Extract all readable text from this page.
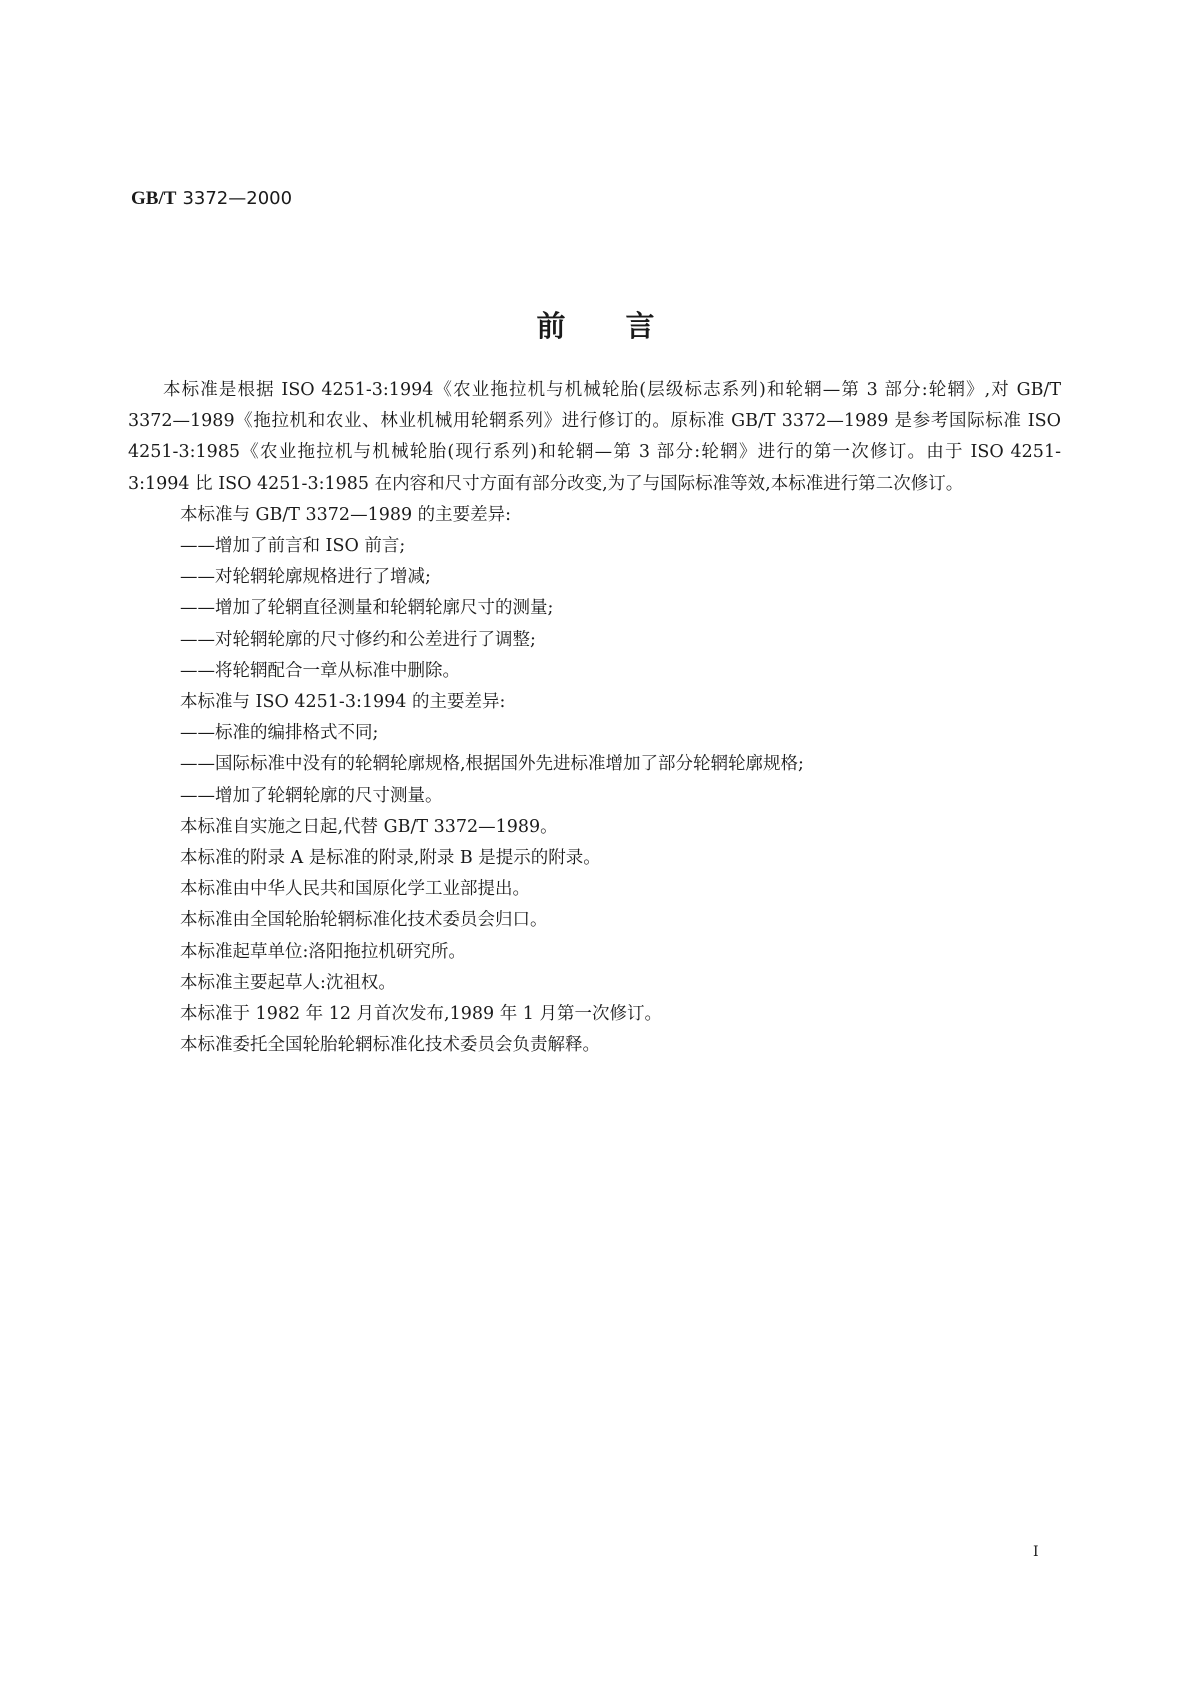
GB/T 3372—2000
前言

本标准是根据 ISO 4251-3:1994《农业拖拉机与机械轮胎(层级标志系列)和轮辋—第 3 部分:轮辋》,对 GB/T 3372—1989《拖拉机和农业、林业机械用轮辋系列》进行修订的。原标准 GB/T 3372—1989 是参考国际标准 ISO 4251-3:1985《农业拖拉机与机械轮胎(现行系列)和轮辋—第 3 部分:轮辋》进行的第一次修订。由于 ISO 4251-3:1994 比 ISO 4251-3:1985 在内容和尺寸方面有部分改变,为了与国际标准等效,本标准进行第二次修订。

本标准与 GB/T 3372—1989 的主要差异:

——增加了前言和 ISO 前言;

——对轮辋轮廓规格进行了增减;

——增加了轮辋直径测量和轮辋轮廓尺寸的测量;

——对轮辋轮廓的尺寸修约和公差进行了调整;

——将轮辋配合一章从标准中删除。

本标准与 ISO 4251-3:1994 的主要差异:

——标准的编排格式不同;

——国际标准中没有的轮辋轮廓规格,根据国外先进标准增加了部分轮辋轮廓规格;

——增加了轮辋轮廓的尺寸测量。

本标准自实施之日起,代替 GB/T 3372—1989。

本标准的附录 A 是标准的附录,附录 B 是提示的附录。

本标准由中华人民共和国原化学工业部提出。

本标准由全国轮胎轮辋标准化技术委员会归口。

本标准起草单位:洛阳拖拉机研究所。

本标准主要起草人:沈祖权。

本标准于 1982 年 12 月首次发布,1989 年 1 月第一次修订。

本标准委托全国轮胎轮辋标准化技术委员会负责解释。

I
